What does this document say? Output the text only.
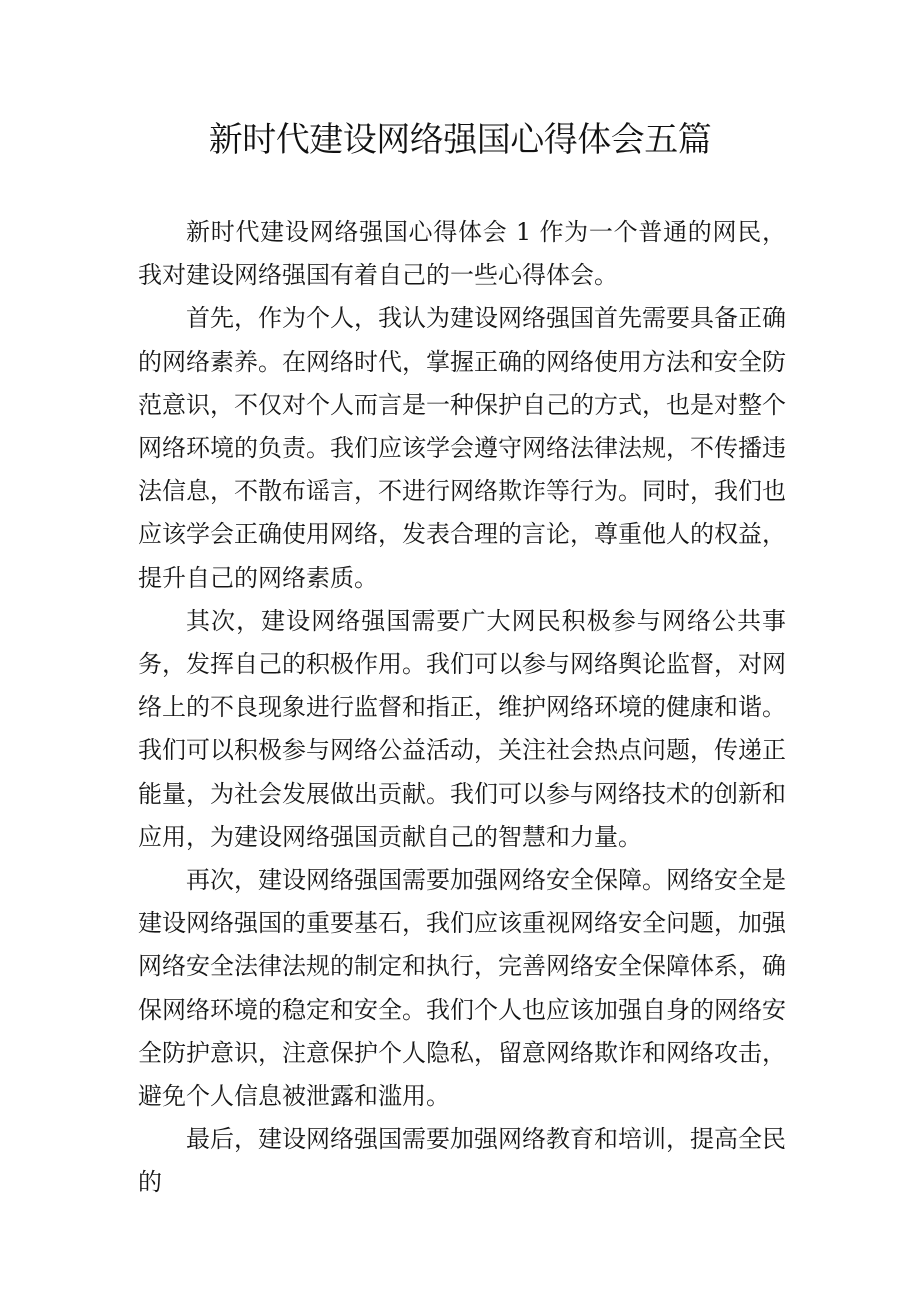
新时代建设网络强国心得体会五篇

新时代建设网络强国心得体会 1 作为一个普通的网民，我对建设网络强国有着自己的一些心得体会。

首先，作为个人，我认为建设网络强国首先需要具备正确的网络素养。在网络时代，掌握正确的网络使用方法和安全防范意识，不仅对个人而言是一种保护自己的方式，也是对整个网络环境的负责。我们应该学会遵守网络法律法规，不传播违法信息，不散布谣言，不进行网络欺诈等行为。同时，我们也应该学会正确使用网络，发表合理的言论，尊重他人的权益，提升自己的网络素质。

其次，建设网络强国需要广大网民积极参与网络公共事务，发挥自己的积极作用。我们可以参与网络舆论监督，对网络上的不良现象进行监督和指正，维护网络环境的健康和谐。我们可以积极参与网络公益活动，关注社会热点问题，传递正能量，为社会发展做出贡献。我们可以参与网络技术的创新和应用，为建设网络强国贡献自己的智慧和力量。

再次，建设网络强国需要加强网络安全保障。网络安全是建设网络强国的重要基石，我们应该重视网络安全问题，加强网络安全法律法规的制定和执行，完善网络安全保障体系，确保网络环境的稳定和安全。我们个人也应该加强自身的网络安全防护意识，注意保护个人隐私，留意网络欺诈和网络攻击，避免个人信息被泄露和滥用。

最后，建设网络强国需要加强网络教育和培训，提高全民的
